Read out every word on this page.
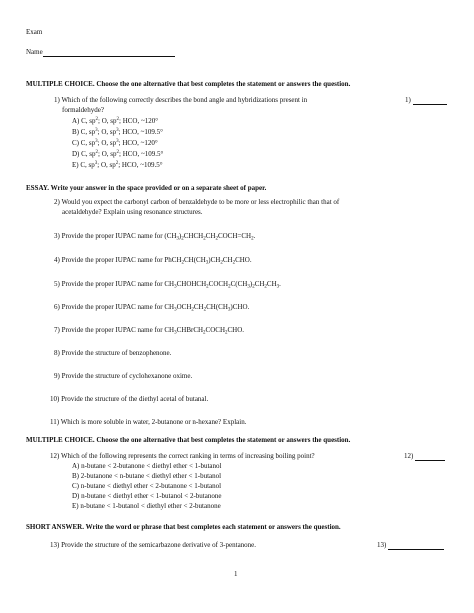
Exam
Name
MULTIPLE CHOICE. Choose the one alternative that best completes the statement or answers the question.
1) Which of the following correctly describes the bond angle and hybridizations present in
formaldehyde?
1)
A) C, $sp^2$; O, $sp^2$; HCO, ~120°
B) C, $sp^3$; O, $sp^3$; HCO, ~109.5°
C) C, $sp^3$; O, $sp^3$; HCO, ~120°
D) C, $sp^2$; O, $sp^2$; HCO, ~109.5°
E) C, $sp^3$; O, $sp^2$; HCO, ~109.5°
ESSAY. Write your answer in the space provided or on a separate sheet of paper.
2) Would you expect the carbonyl carbon of benzaldehyde to be more or less electrophilic than that of
acetaldehyde? Explain using resonance structures.
3) Provide the proper IUPAC name for $(CH_3)_2CHCH_2CH_2COCH=CH_2$.
4) Provide the proper IUPAC name for $PhCH_2CH(CH_3)CH_2CH_2CHO$.
5) Provide the proper IUPAC name for $CH_3CHOHCH_2COCH_2C(CH_3)_2CH_2CH_3$.
6) Provide the proper IUPAC name for $CH_3OCH_2CH_2CH(CH_3)CHO$.
7) Provide the proper IUPAC name for $CH_3CHBrCH_2COCH_2CHO$.
8) Provide the structure of benzophenone.
9) Provide the structure of cyclohexanone oxime.
10) Provide the structure of the diethyl acetal of butanal.
11) Which is more soluble in water, 2-butanone or n-hexane? Explain.
MULTIPLE CHOICE. Choose the one alternative that best completes the statement or answers the question.
12) Which of the following represents the correct ranking in terms of increasing boiling point?	12)
A) n-butane < 2-butanone < diethyl ether < 1-butanol
B) 2-butanone < n-butane < diethyl ether < 1-butanol
C) n-butane < diethyl ether < 2-butanone < 1-butanol
D) n-butane < diethyl ether < 1-butanol < 2-butanone
E) n-butane < 1-butanol < diethyl ether < 2-butanone
SHORT ANSWER. Write the word or phrase that best completes each statement or answers the question.
13) Provide the structure of the semicarbazone derivative of 3-pentanone.	13)
1
